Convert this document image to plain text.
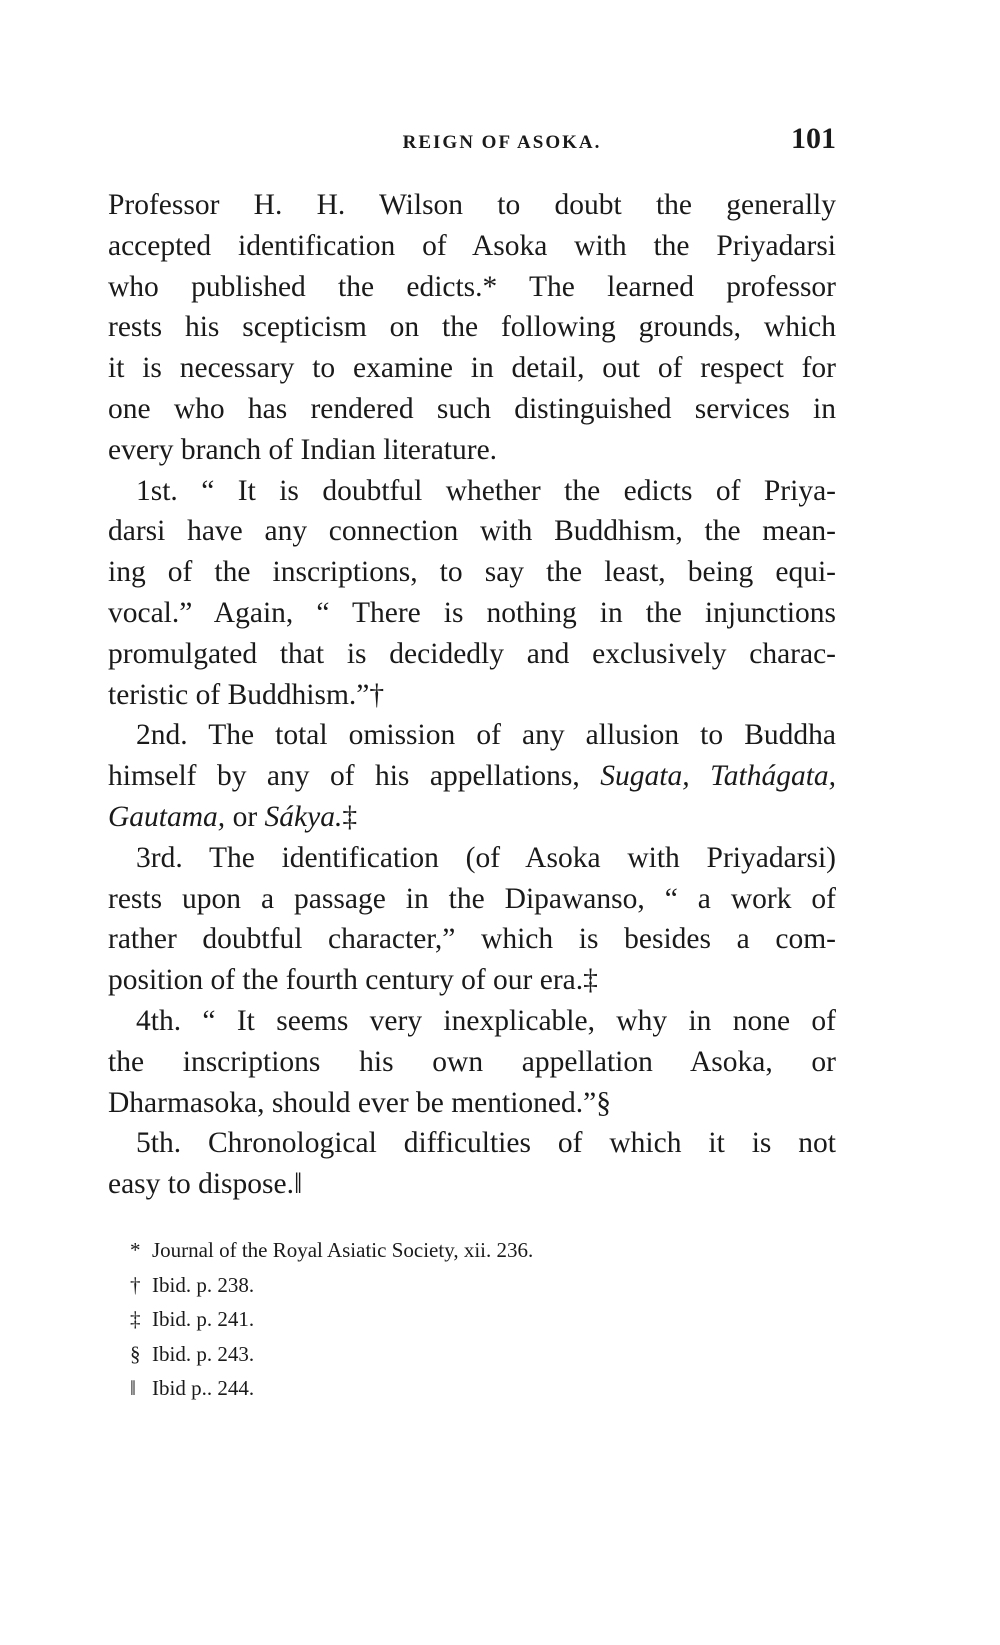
REIGN OF ASOKA.	101
Professor H. H. Wilson to doubt the generally
accepted identification of Asoka with the Priyadarsi
who published the edicts.* The learned professor
rests his scepticism on the following grounds, which
it is necessary to examine in detail, out of respect for
one who has rendered such distinguished services in
every branch of Indian literature.
1st. “ It is doubtful whether the edicts of Priya-
darsi have any connection with Buddhism, the mean-
ing of the inscriptions, to say the least, being equi-
vocal.” Again, “ There is nothing in the injunctions
promulgated that is decidedly and exclusively charac-
teristic of Buddhism.”†
2nd. The total omission of any allusion to Buddha
himself by any of his appellations, Sugata, Tathágata,
Gautama, or Sákya.‡
3rd. The identification (of Asoka with Priyadarsi)
rests upon a passage in the Dipawanso, “ a work of
rather doubtful character,” which is besides a com-
position of the fourth century of our era.‡
4th. “ It seems very inexplicable, why in none of
the inscriptions his own appellation Asoka, or
Dharmasoka, should ever be mentioned.”§
5th. Chronological difficulties of which it is not
easy to dispose.‖
* Journal of the Royal Asiatic Society, xii. 236.
† Ibid. p. 238.
‡ Ibid. p. 241.
§ Ibid. p. 243.
‖ Ibid p.. 244.
